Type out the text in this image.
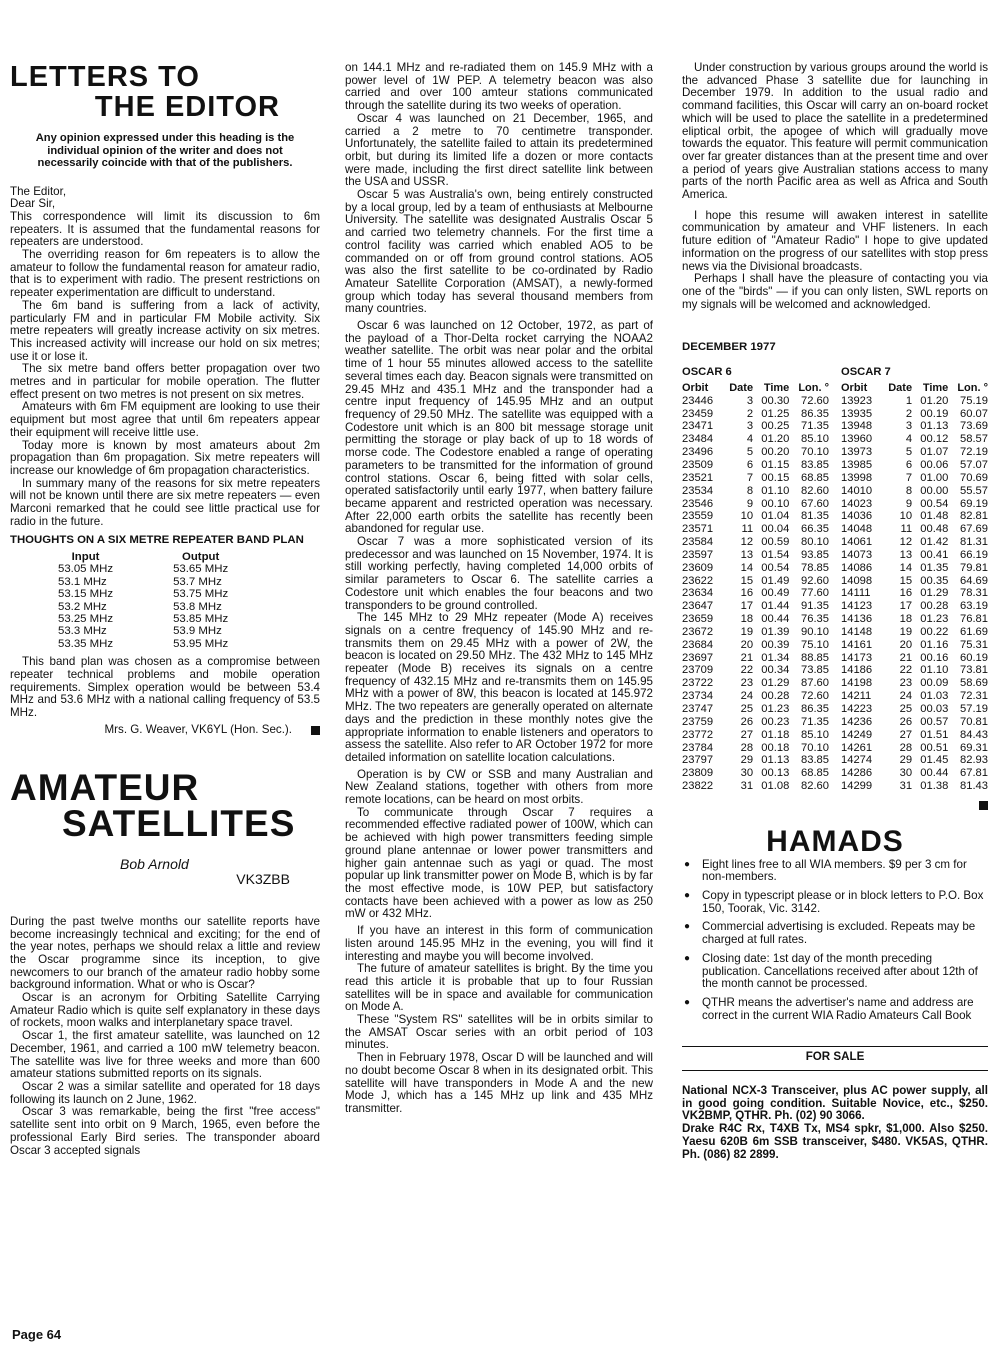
LETTERS TO
THE EDITOR
Any opinion expressed under this heading is the individual opinion of the writer and does not necessarily coincide with that of the publishers.

The Editor,

Dear Sir,

This correspondence will limit its discussion to 6m repeaters. It is assumed that the fundamental reasons for repeaters are understood.

The overriding reason for 6m repeaters is to allow the amateur to follow the fundamental reason for amateur radio, that is to experiment with radio. The present restrictions on repeater experimentation are difficult to understand.

The 6m band is suffering from a lack of activity, particularly FM and in particular FM Mobile activity. Six metre repeaters will greatly increase activity on six metres. This increased activity will increase our hold on six metres; use it or lose it.

The six metre band offers better propagation over two metres and in particular for mobile operation. The flutter effect present on two metres is not present on six metres.

Amateurs with 6m FM equipment are looking to use their equipment but most agree that until 6m repeaters appear their equipment will receive little use.

Today more is known by most amateurs about 2m propagation than 6m propagation. Six metre repeaters will increase our knowledge of 6m propagation characteristics.

In summary many of the reasons for six metre repeaters will not be known until there are six metre repeaters — even Marconi remarked that he could see little practical use for radio in the future.

THOUGHTS ON A SIX METRE REPEATER BAND PLAN
Input	Output
53.05 MHz	53.65 MHz
53.1 MHz	53.7 MHz
53.15 MHz	53.75 MHz
53.2 MHz	53.8 MHz
53.25 MHz	53.85 MHz
53.3 MHz	53.9 MHz
53.35 MHz	53.95 MHz

This band plan was chosen as a compromise between repeater technical problems and mobile operation requirements. Simplex operation would be between 53.4 MHz and 53.6 MHz with a national calling frequency of 53.5 MHz.

Mrs. G. Weaver, VK6YL (Hon. Sec.).
AMATEUR
SATELLITES
Bob Arnold
VK3ZBB

During the past twelve months our satellite reports have become increasingly technical and exciting; for the end of the year notes, perhaps we should relax a little and review the Oscar programme since its inception, to give newcomers to our branch of the amateur radio hobby some background information. What or who is Oscar?

Oscar is an acronym for Orbiting Satellite Carrying Amateur Radio which is quite self explanatory in these days of rockets, moon walks and interplanetary space travel.

Oscar 1, the first amateur satellite, was launched on 12 December, 1961, and carried a 100 mW telemetry beacon. The satellite was live for three weeks and more than 600 amateur stations submitted reports on its signals.

Oscar 2 was a similar satellite and operated for 18 days following its launch on 2 June, 1962.

Oscar 3 was remarkable, being the first "free access" satellite sent into orbit on 9 March, 1965, even before the professional Early Bird series. The transponder aboard Oscar 3 accepted signals

on 144.1 MHz and re-radiated them on 145.9 MHz with a power level of 1W PEP. A telemetry beacon was also carried and over 100 amteur stations communicated through the satellite during its two weeks of operation.

Oscar 4 was launched on 21 December, 1965, and carried a 2 metre to 70 centimetre transponder. Unfortunately, the satellite failed to attain its predetermined orbit, but during its limited life a dozen or more contacts were made, including the first direct satellite link between the USA and USSR.

Oscar 5 was Australia's own, being entirely constructed by a local group, led by a team of enthusiasts at Melbourne University. The satellite was designated Australis Oscar 5 and carried two telemetry channels. For the first time a control facility was carried which enabled AO5 to be commanded on or off from ground control stations. AO5 was also the first satellite to be co-ordinated by Radio Amateur Satellite Corporation (AMSAT), a newly-formed group which today has several thousand members from many countries.

Oscar 6 was launched on 12 October, 1972, as part of the payload of a Thor-Delta rocket carrying the NOAA2 weather satellite. The orbit was near polar and the orbital time of 1 hour 55 minutes allowed access to the satellite several times each day. Beacon signals were transmitted on 29.45 MHz and 435.1 MHz and the transponder had a centre input frequency of 145.95 MHz and an output frequency of 29.50 MHz. The satellite was equipped with a Codestore unit which is an 800 bit message storage unit permitting the storage or play back of up to 18 words of morse code. The Codestore enabled a range of operating parameters to be transmitted for the information of ground control stations. Oscar 6, being fitted with solar cells, operated satisfactorily until early 1977, when battery failure became apparent and restricted operation was necessary. After 22,000 earth orbits the satellite has recently been abandoned for regular use.

Oscar 7 was a more sophisticated version of its predecessor and was launched on 15 November, 1974. It is still working perfectly, having completed 14,000 orbits of similar parameters to Oscar 6. The satellite carries a Codestore unit which enables the four beacons and two transponders to be ground controlled.

The 145 MHz to 29 MHz repeater (Mode A) receives signals on a centre frequency of 145.90 MHz and re-transmits them on 29.45 MHz with a power of 2W, the beacon is located on 29.50 MHz. The 432 MHz to 145 MHz repeater (Mode B) receives its signals on a centre frequency of 432.15 MHz and re-transmits them on 145.95 MHz with a power of 8W, this beacon is located at 145.972 MHz. The two repeaters are generally operated on alternate days and the prediction in these monthly notes give the appropriate information to enable listeners and operators to assess the satellite. Also refer to AR October 1972 for more detailed information on satellite location calculations.

Operation is by CW or SSB and many Australian and New Zealand stations, together with others from more remote locations, can be heard on most orbits.

To communicate through Oscar 7 requires a recommended effective radiated power of 100W, which can be achieved with high power transmitters feeding simple ground plane antennae or lower power transmitters and higher gain antennae such as yagi or quad. The most popular up link transmitter power on Mode B, which is by far the most effective mode, is 10W PEP, but satisfactory contacts have been achieved with a power as low as 250 mW or 432 MHz.

If you have an interest in this form of communication listen around 145.95 MHz in the evening, you will find it interesting and maybe you will become involved.

The future of amateur satellites is bright. By the time you read this article it is probable that up to four Russian satellites will be in space and available for communication on Mode A.

These "System RS" satellites will be in orbits similar to the AMSAT Oscar series with an orbit period of 103 minutes.

Then in February 1978, Oscar D will be launched and will no doubt become Oscar 8 when in its designated orbit. This satellite will have transponders in Mode A and the new Mode J, which has a 145 MHz up link and 435 MHz transmitter.

Under construction by various groups around the world is the advanced Phase 3 satellite due for launching in December 1979. In addition to the usual radio and command facilities, this Oscar will carry an on-board rocket which will be used to place the satellite in a predetermined eliptical orbit, the apogee of which will gradually move towards the equator. This feature will permit communication over far greater distances than at the present time and over a period of years give Australian stations access to many parts of the north Pacific area as well as Africa and South America.

I hope this resume will awaken interest in satellite communication by amateur and VHF listeners. In each future edition of "Amateur Radio" I hope to give updated information on the progress of our satellites with stop press news via the Divisional broadcasts.

Perhaps I shall have the pleasure of contacting you via one of the "birds" — if you can only listen, SWL reports on my signals will be welcomed and acknowledged.

DECEMBER 1977
OSCAR 6
Orbit	Date	Time	Lon. °
23446	3	00.30	72.60
23459	2	01.25	86.35
23471	3	00.25	71.35
23484	4	01.20	85.10
23496	5	00.20	70.10
23509	6	01.15	83.85
23521	7	00.15	68.85
23534	8	01.10	82.60
23546	9	00.10	67.60
23559	10	01.04	81.35
23571	11	00.04	66.35
23584	12	00.59	80.10
23597	13	01.54	93.85
23609	14	00.54	78.85
23622	15	01.49	92.60
23634	16	00.49	77.60
23647	17	01.44	91.35
23659	18	00.44	76.35
23672	19	01.39	90.10
23684	20	00.39	75.10
23697	21	01.34	88.85
23709	22	00.34	73.85
23722	23	01.29	87.60
23734	24	00.28	72.60
23747	25	01.23	86.35
23759	26	00.23	71.35
23772	27	01.18	85.10
23784	28	00.18	70.10
23797	29	01.13	83.85
23809	30	00.13	68.85
23822	31	01.08	82.60
OSCAR 7
Orbit	Date	Time	Lon. °
13923	1	01.20	75.19
13935	2	00.19	60.07
13948	3	01.13	73.69
13960	4	00.12	58.57
13973	5	01.07	72.19
13985	6	00.06	57.07
13998	7	01.00	70.69
14010	8	00.00	55.57
14023	9	00.54	69.19
14036	10	01.48	82.81
14048	11	00.48	67.69
14061	12	01.42	81.31
14073	13	00.41	66.19
14086	14	01.35	79.81
14098	15	00.35	64.69
14111	16	01.29	78.31
14123	17	00.28	63.19
14136	18	01.23	76.81
14148	19	00.22	61.69
14161	20	01.16	75.31
14173	21	00.16	60.19
14186	22	01.10	73.81
14198	23	00.09	58.69
14211	24	01.03	72.31
14223	25	00.03	57.19
14236	26	00.57	70.81
14249	27	01.51	84.43
14261	28	00.51	69.31
14274	29	01.45	82.93
14286	30	00.44	67.81
14299	31	01.38	81.43
HAMADS
● Eight lines free to all WIA members. $9 per 3 cm for non-members.
● Copy in typescript please or in block letters to P.O. Box 150, Toorak, Vic. 3142.
● Commercial advertising is excluded. Repeats may be charged at full rates.
● Closing date: 1st day of the month preceding publication. Cancellations received after about 12th of the month cannot be processed.
● QTHR means the advertiser's name and address are correct in the current WIA Radio Amateurs Call Book
FOR SALE

National NCX-3 Transceiver, plus AC power supply, all in good going condition. Suitable Novice, etc., $250. VK2BMP, QTHR. Ph. (02) 90 3066.

Drake R4C Rx, T4XB Tx, MS4 spkr, $1,000. Also $250. Yaesu 620B 6m SSB transceiver, $480. VK5AS, QTHR. Ph. (086) 82 2899.

Page 64
